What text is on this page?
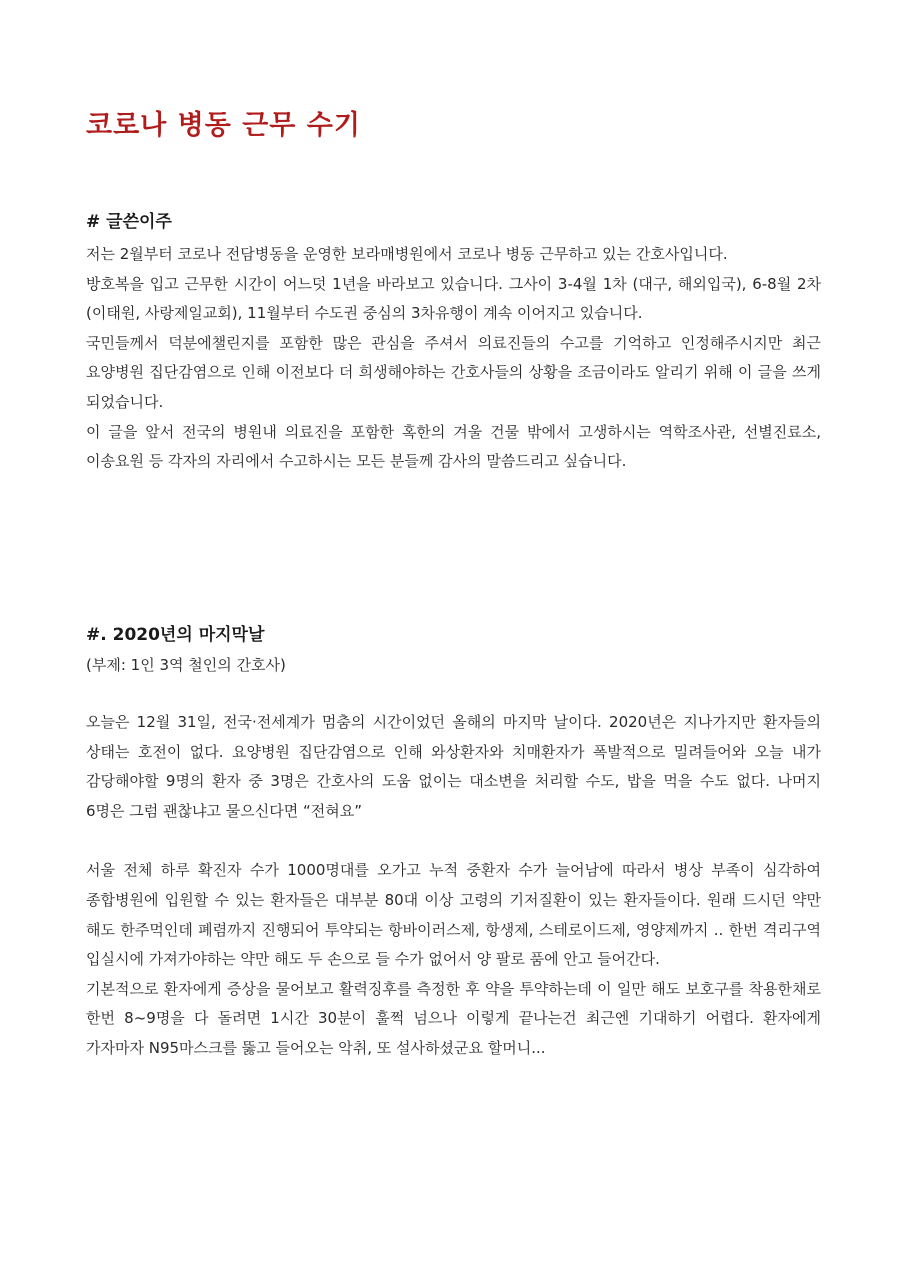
코로나 병동 근무 수기
# 글쓴이주

저는 2월부터 코로나 전담병동을 운영한 보라매병원에서 코로나 병동 근무하고 있는 간호사입니다.

방호복을 입고 근무한 시간이 어느덧 1년을 바라보고 있습니다. 그사이 3-4월 1차 (대구, 해외입국), 6-8월 2차(이태원, 사랑제일교회), 11월부터 수도권 중심의 3차유행이 계속 이어지고 있습니다.

국민들께서 덕분에챌린지를 포함한 많은 관심을 주셔서 의료진들의 수고를 기억하고 인정해주시지만 최근 요양병원 집단감염으로 인해 이전보다 더 희생해야하는 간호사들의 상황을 조금이라도 알리기 위해 이 글을 쓰게 되었습니다.

이 글을 앞서 전국의 병원내 의료진을 포함한 혹한의 겨울 건물 밖에서 고생하시는 역학조사관, 선별진료소, 이송요원 등 각자의 자리에서 수고하시는 모든 분들께 감사의 말씀드리고 싶습니다.

#. 2020년의 마지막날

(부제: 1인 3역 철인의 간호사)

오늘은 12월 31일, 전국·전세계가 멈춤의 시간이었던 올해의 마지막 날이다. 2020년은 지나가지만 환자들의 상태는 호전이 없다. 요양병원 집단감염으로 인해 와상환자와 치매환자가 폭발적으로 밀려들어와 오늘 내가 감당해야할 9명의 환자 중 3명은 간호사의 도움 없이는 대소변을 처리할 수도, 밥을 먹을 수도 없다. 나머지 6명은 그럼 괜찮냐고 물으신다면 “전혀요”

서울 전체 하루 확진자 수가 1000명대를 오가고 누적 중환자 수가 늘어남에 따라서 병상 부족이 심각하여 종합병원에 입원할 수 있는 환자들은 대부분 80대 이상 고령의 기저질환이 있는 환자들이다. 원래 드시던 약만 해도 한주먹인데 폐렴까지 진행되어 투약되는 항바이러스제, 항생제, 스테로이드제, 영양제까지 .. 한번 격리구역 입실시에 가져가야하는 약만 해도 두 손으로 들 수가 없어서 양 팔로 품에 안고 들어간다.

기본적으로 환자에게 증상을 물어보고 활력징후를 측정한 후 약을 투약하는데 이 일만 해도 보호구를 착용한채로 한번 8~9명을 다 돌려면 1시간 30분이 훌쩍 넘으나 이렇게 끝나는건 최근엔 기대하기 어렵다. 환자에게 가자마자 N95마스크를 뚫고 들어오는 악취, 또 설사하셨군요 할머니...
